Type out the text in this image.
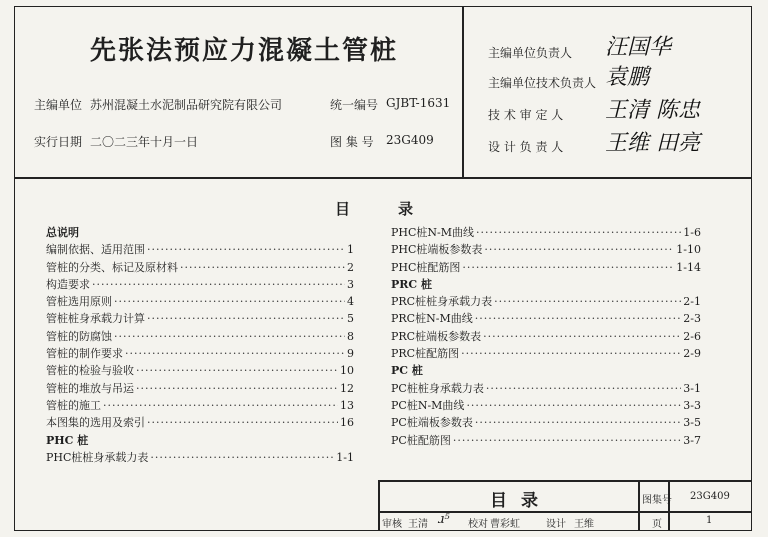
先张法预应力混凝土管桩
主编单位 苏州混凝土水泥制品研究院有限公司	统一编号 GJBT-1631
实行日期 二〇二三年十月一日	图 集 号 23G409
主编单位负责人 汪国华
主编单位技术负责人 袁鹏
技 术 审 定 人 王清 陈忠
设 计 负 责 人 王维 田亮
目录
总说明
编制依据、适用范围 ·····	1
管桩的分类、标记及原材料 ·····	2
构造要求 ·····	3
管桩选用原则 ·····	4
管桩桩身承载力计算 ·····	5
管桩的防腐蚀 ·····	8
管桩的制作要求 ·····	9
管桩的检验与验收 ·····	10
管桩的堆放与吊运 ·····	12
管桩的施工 ·····	13
本图集的选用及索引 ·····	16
PHC 桩
PHC桩桩身承载力表 ·····	1-1
PHC桩N-M曲线 ·····	1-6
PHC桩端板参数表 ·····	1-10
PHC桩配筋图 ·····	1-14
PRC 桩
PRC桩桩身承载力表 ·····	2-1
PRC桩N-M曲线 ·····	2-3
PRC桩端板参数表 ·····	2-6
PRC桩配筋图 ·····	2-9
PC 桩
PC桩桩身承载力表 ·····	3-1
PC桩N-M曲线 ·····	3-3
PC桩端板参数表 ·····	3-5
PC桩配筋图 ·····	3-7
目录	图集号 23G409
审核 王清 ɹ⁵ 校对 曹彩虹	设计 王维	页	1
